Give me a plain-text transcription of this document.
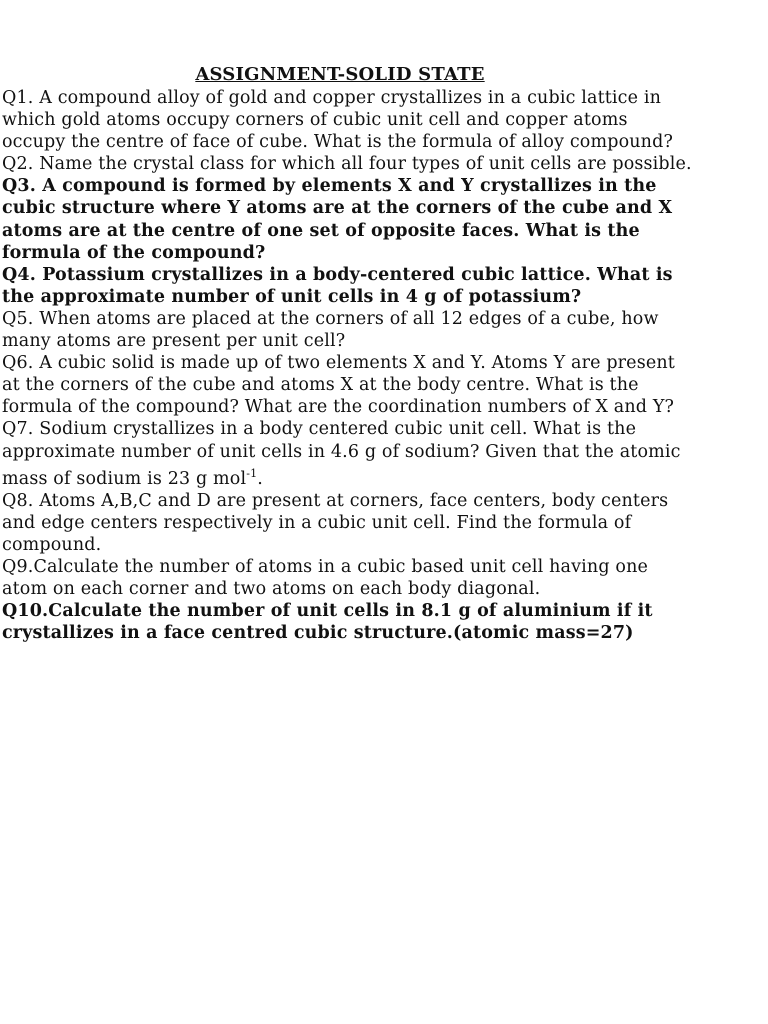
ASSIGNMENT-SOLID STATE

Q1. A compound alloy of gold and copper crystallizes in a cubic lattice in which gold atoms occupy corners of cubic unit cell and copper atoms occupy the centre of face of cube. What is the formula of alloy compound?

Q2. Name the crystal class for which all four types of unit cells are possible.

Q3. A compound is formed by elements X and Y crystallizes in the cubic structure where Y atoms are at the corners of the cube and X atoms are at the centre of one set of opposite faces. What is the formula of the compound?

Q4. Potassium crystallizes in a body-centered cubic lattice. What is the approximate number of unit cells in 4 g of potassium?

Q5. When atoms are placed at the corners of all 12 edges of a cube, how many atoms are present per unit cell?

Q6. A cubic solid is made up of two elements X and Y. Atoms Y are present at the corners of the cube and atoms X at the body centre. What is the formula of the compound? What are the coordination numbers of X and Y?

Q7. Sodium crystallizes in a body centered cubic unit cell. What is the approximate number of unit cells in 4.6 g of sodium? Given that the atomic mass of sodium is 23 g mol$^{-1}$.

Q8. Atoms A,B,C and D are present at corners, face centers, body centers and edge centers respectively in a cubic unit cell. Find the formula of compound.

Q9.Calculate the number of atoms in a cubic based unit cell having one atom on each corner and two atoms on each body diagonal.

Q10.Calculate the number of unit cells in 8.1 g of aluminium if it crystallizes in a face centred cubic structure.(atomic mass=27)
